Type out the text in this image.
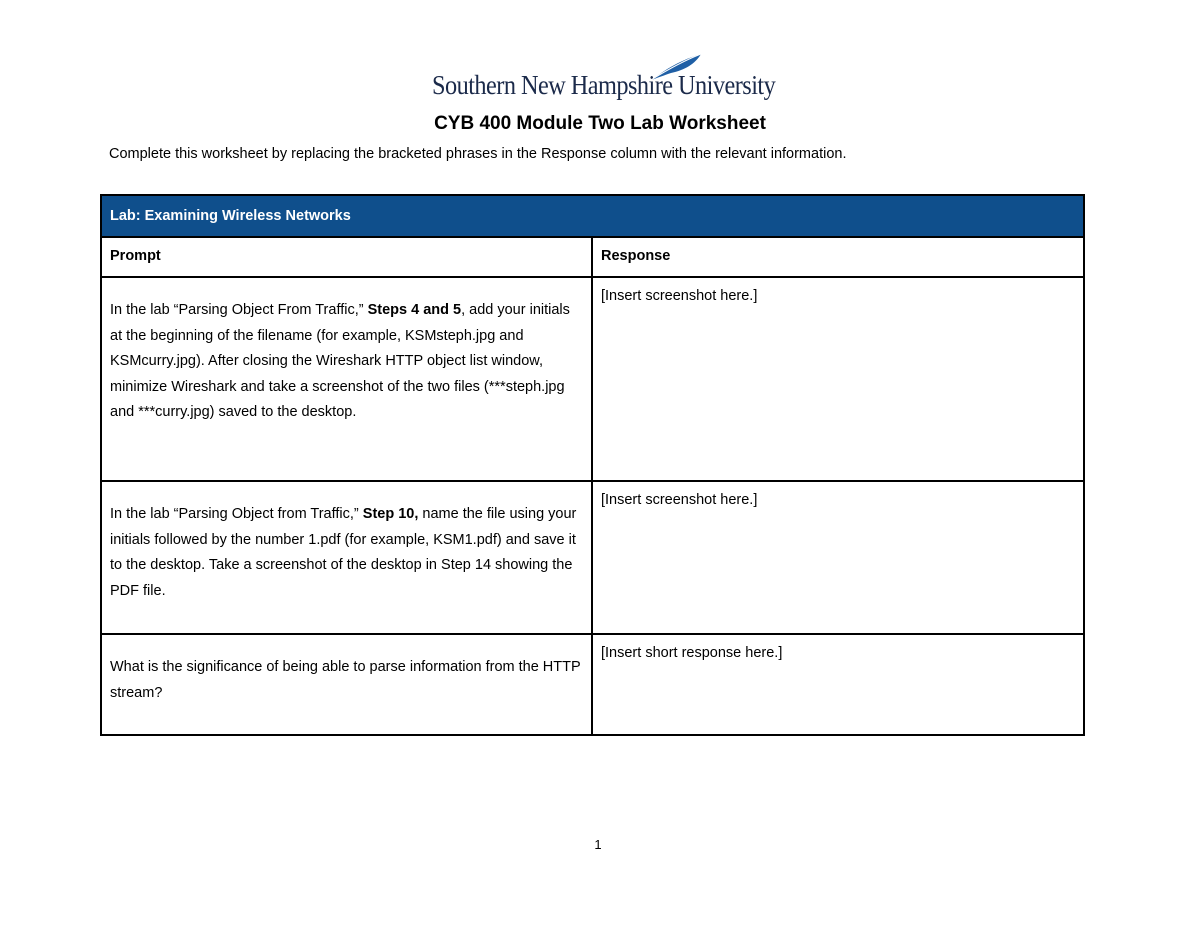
Southern New Hampshire University
CYB 400 Module Two Lab Worksheet
Complete this worksheet by replacing the bracketed phrases in the Response column with the relevant information.
Lab: Examining Wireless Networks	
Prompt	Response
In the lab “Parsing Object From Traffic,” Steps 4 and 5, add your initials at the beginning of the filename (for example, KSMsteph.jpg and KSMcurry.jpg). After closing the Wireshark HTTP object list window, minimize Wireshark and take a screenshot of the two files (***steph.jpg and ***curry.jpg) saved to the desktop.	[Insert screenshot here.]
In the lab “Parsing Object from Traffic,” Step 10, name the file using your initials followed by the number 1.pdf (for example, KSM1.pdf) and save it to the desktop. Take a screenshot of the desktop in Step 14 showing the PDF file.	[Insert screenshot here.]
What is the significance of being able to parse information from the HTTP stream?	[Insert short response here.]
1
